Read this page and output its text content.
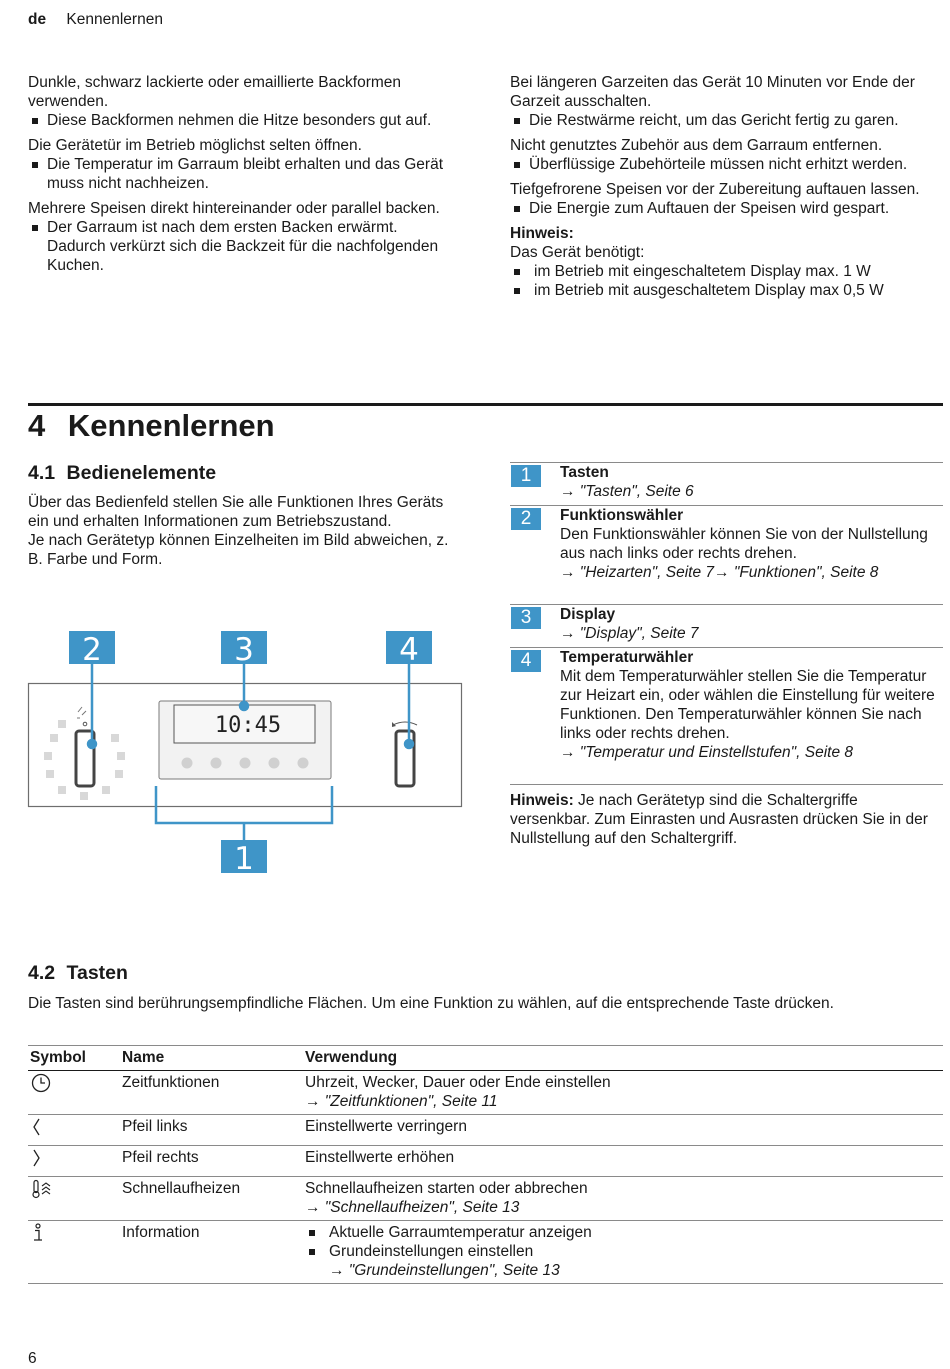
de Kennenlernen
Dunkle, schwarz lackierte oder emaillierte Backformen verwenden.
Diese Backformen nehmen die Hitze besonders gut auf.
Die Gerätetür im Betrieb möglichst selten öffnen.
Die Temperatur im Garraum bleibt erhalten und das Gerät muss nicht nachheizen.
Mehrere Speisen direkt hintereinander oder parallel backen.
Der Garraum ist nach dem ersten Backen erwärmt. Dadurch verkürzt sich die Backzeit für die nachfolgenden Kuchen.
Bei längeren Garzeiten das Gerät 10 Minuten vor Ende der Garzeit ausschalten.
Die Restwärme reicht, um das Gericht fertig zu garen.
Nicht genutztes Zubehör aus dem Garraum entfernen.
Überflüssige Zubehörteile müssen nicht erhitzt werden.
Tiefgefrorene Speisen vor der Zubereitung auftauen lassen.
Die Energie zum Auftauen der Speisen wird gespart.
Hinweis:
Das Gerät benötigt:
im Betrieb mit eingeschaltetem Display max. 1 W
im Betrieb mit ausgeschaltetem Display max 0,5 W
4 Kennenlernen
4.1 Bedienelemente

Über das Bedienfeld stellen Sie alle Funktionen Ihres Geräts ein und erhalten Informationen zum Betriebszustand.

Je nach Gerätetyp können Einzelheiten im Bild abweichen, z. B. Farbe und Form.

10:45
2	3	4
1
1	Tasten
→ "Tasten", Seite 6
2	Funktionswähler
Den Funktionswähler können Sie von der Nullstellung aus nach links oder rechts drehen.
→ "Heizarten", Seite 7→ "Funktionen", Seite 8
3	Display
→ "Display", Seite 7
4	Temperaturwähler
Mit dem Temperaturwähler stellen Sie die Temperatur zur Heizart ein, oder wählen die Einstellung für weitere Funktionen. Den Temperaturwähler können Sie nach links oder rechts drehen.
→ "Temperatur und Einstellstufen", Seite 8
Hinweis: Je nach Gerätetyp sind die Schaltergriffe versenkbar. Zum Einrasten und Ausrasten drücken Sie in der Nullstellung auf den Schaltergriff.
4.2 Tasten
Die Tasten sind berührungsempfindliche Flächen. Um eine Funktion zu wählen, auf die entsprechende Taste drücken.
Symbol	Name	Verwendung
	Zeitfunktionen	Uhrzeit, Wecker, Dauer oder Ende einstellen
→ "Zeitfunktionen", Seite 11

	Pfeil links	Einstellwerte verringern
	Pfeil rechts	Einstellwerte erhöhen
	Schnellaufheizen	Schnellaufheizen starten oder abbrechen
→ "Schnellaufheizen", Seite 13

	Information	Aktuelle Garraumtemperatur anzeigen
Grundeinstellungen einstellen
→ "Grundeinstellungen", Seite 13
6
